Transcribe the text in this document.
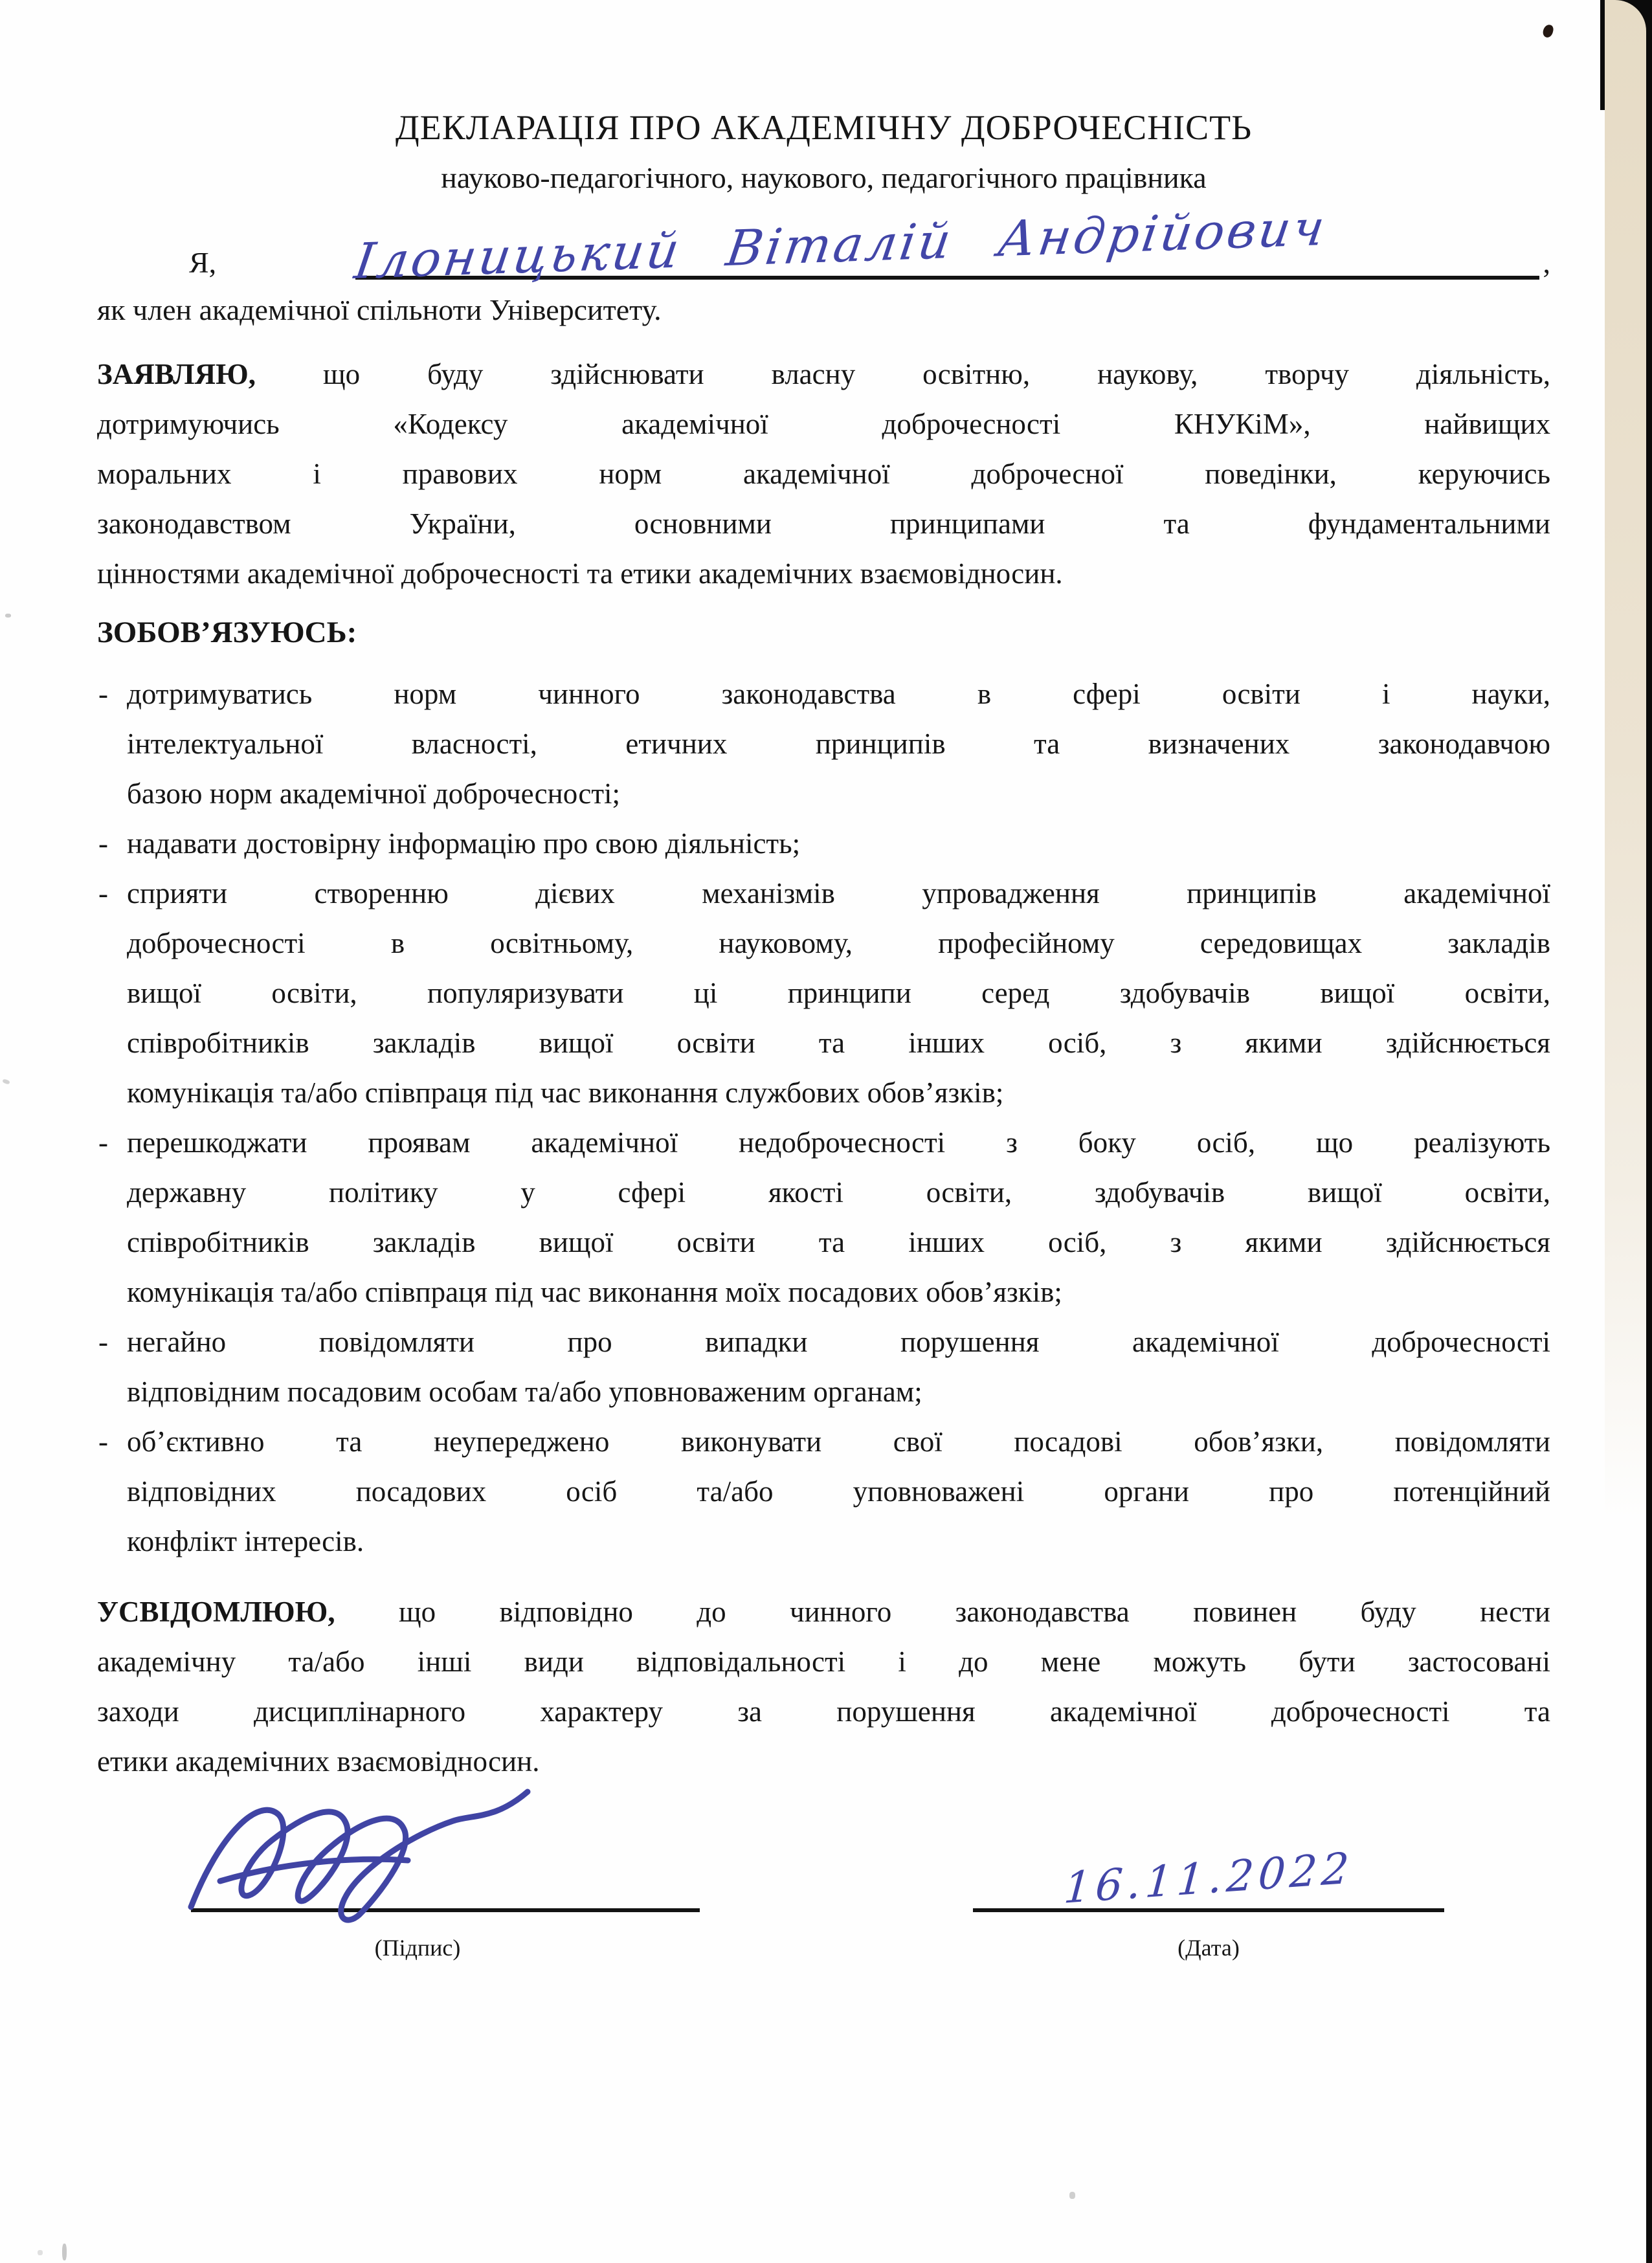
ДЕКЛАРАЦІЯ ПРО АКАДЕМІЧНУ ДОБРОЧЕСНІСТЬ
науково-педагогічного, наукового, педагогічного працівника
Я,	Ілоницький Віталій Андрійович	,
як член академічної спільноти Університету.
ЗАЯВЛЯЮ, що буду здійснювати власну освітню, наукову, творчу діяльність,
дотримуючись «Кодексу академічної доброчесності КНУКіМ», найвищих
моральних і правових норм академічної доброчесної поведінки, керуючись
законодавством України, основними принципами та фундаментальними
цінностями академічної доброчесності та етики академічних взаємовідносин.
ЗОБОВ’ЯЗУЮСЬ:
- дотримуватись норм чинного законодавства в сфері освіти і науки,
інтелектуальної власності, етичних принципів та визначених законодавчою
базою норм академічної доброчесності;
- надавати достовірну інформацію про свою діяльність;
- сприяти створенню дієвих механізмів упровадження принципів академічної
доброчесності в освітньому, науковому, професійному середовищах закладів
вищої освіти, популяризувати ці принципи серед здобувачів вищої освіти,
співробітників закладів вищої освіти та інших осіб, з якими здійснюється
комунікація та/або співпраця під час виконання службових обов’язків;
- перешкоджати проявам академічної недоброчесності з боку осіб, що реалізують
державну політику у сфері якості освіти, здобувачів вищої освіти,
співробітників закладів вищої освіти та інших осіб, з якими здійснюється
комунікація та/або співпраця під час виконання моїх посадових обов’язків;
- негайно повідомляти про випадки порушення академічної доброчесності
відповідним посадовим особам та/або уповноваженим органам;
- об’єктивно та неупереджено виконувати свої посадові обов’язки, повідомляти
відповідних посадових осіб та/або уповноважені органи про потенційний
конфлікт інтересів.
УСВІДОМЛЮЮ, що відповідно до чинного законодавства повинен буду нести
академічну та/або інші види відповідальності і до мене можуть бути застосовані
заходи дисциплінарного характеру за порушення академічної доброчесності та
етики академічних взаємовідносин.
16.11.2022
(Підпис)	(Дата)
